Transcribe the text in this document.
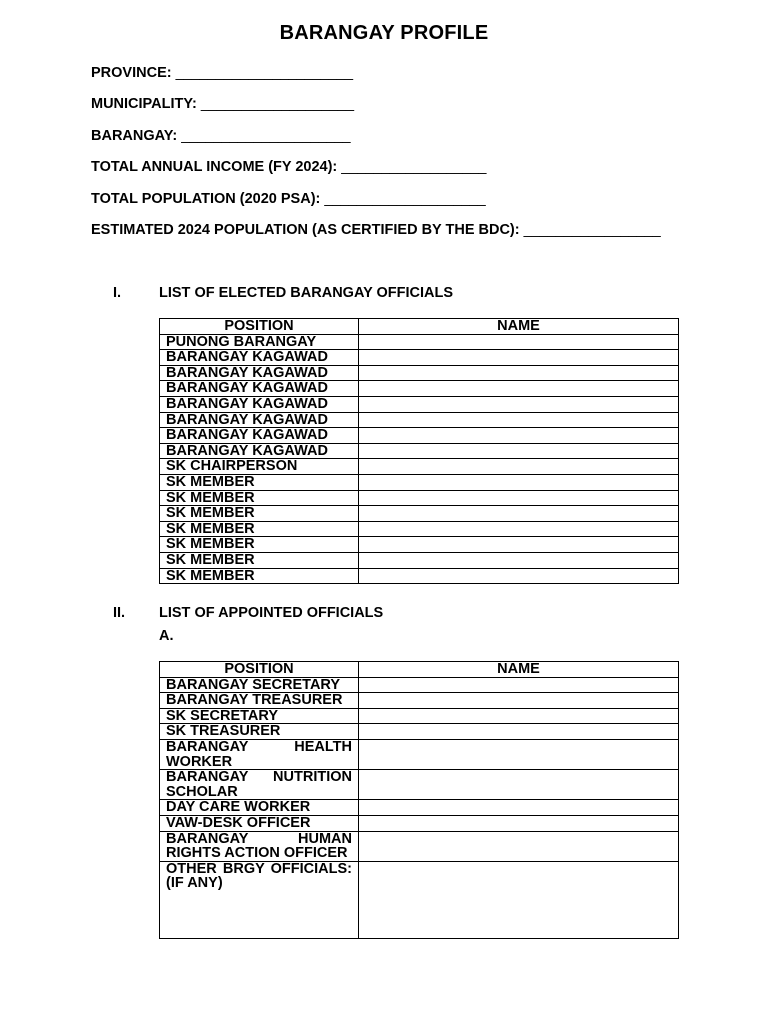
BARANGAY PROFILE
PROVINCE: ______________________
MUNICIPALITY: ___________________
BARANGAY: _____________________
TOTAL ANNUAL INCOME (FY 2024): __________________
TOTAL POPULATION (2020 PSA): ____________________
ESTIMATED 2024 POPULATION (AS CERTIFIED BY THE BDC): _________________
I.	LIST OF ELECTED BARANGAY OFFICIALS
POSITION	NAME
PUNONG BARANGAY	
BARANGAY KAGAWAD	
BARANGAY KAGAWAD	
BARANGAY KAGAWAD	
BARANGAY KAGAWAD	
BARANGAY KAGAWAD	
BARANGAY KAGAWAD	
BARANGAY KAGAWAD	
SK CHAIRPERSON	
SK MEMBER	
SK MEMBER	
SK MEMBER	
SK MEMBER	
SK MEMBER	
SK MEMBER	
SK MEMBER	
II. LIST OF APPOINTED OFFICIALS
A.
POSITION	NAME
BARANGAY SECRETARY	
BARANGAY TREASURER	
SK SECRETARY	
SK TREASURER	
BARANGAY HEALTH WORKER	
BARANGAY NUTRITION SCHOLAR	
DAY CARE WORKER	
VAW-DESK OFFICER	
BARANGAY HUMAN RIGHTS ACTION OFFICER	
OTHER BRGY OFFICIALS: (IF ANY)	
